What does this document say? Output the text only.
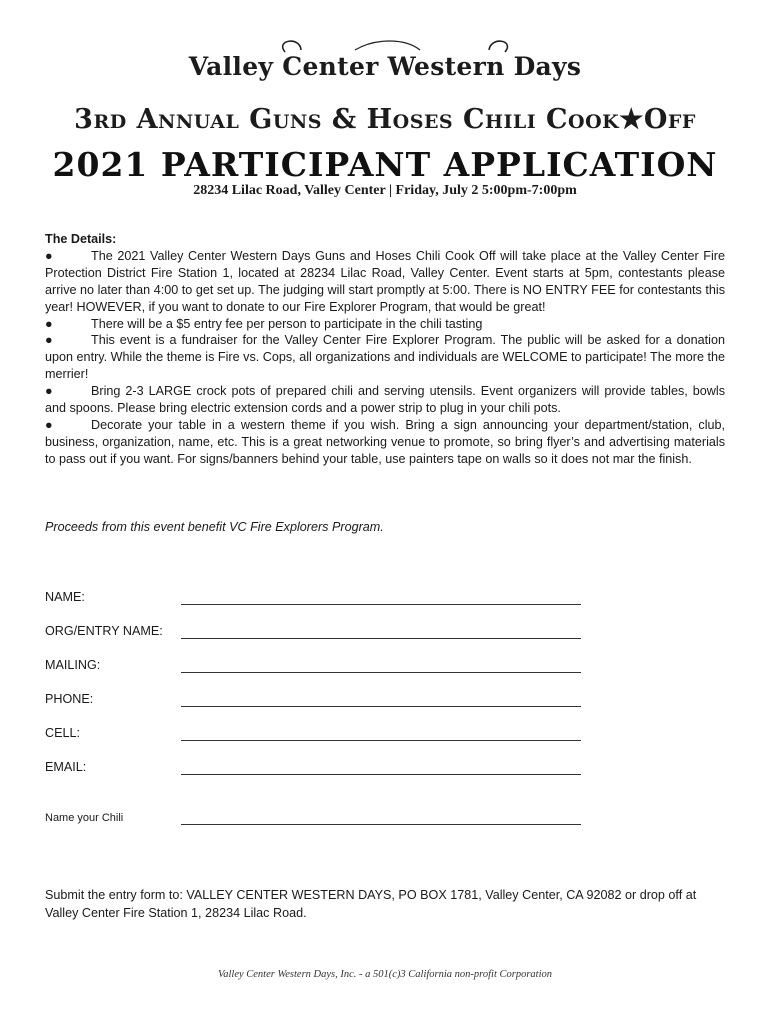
Valley Center Western Days
3rd Annual Guns & Hoses Chili Cook★Off
2021 PARTICIPANT APPLICATION
28234 Lilac Road, Valley Center | Friday, July 2 5:00pm-7:00pm
The Details:
●	The 2021 Valley Center Western Days Guns and Hoses Chili Cook Off will take place at the Valley Center Fire Protection District Fire Station 1, located at 28234 Lilac Road, Valley Center. Event starts at 5pm, contestants please arrive no later than 4:00 to get set up. The judging will start promptly at 5:00. There is NO ENTRY FEE for contestants this year! HOWEVER, if you want to donate to our Fire Explorer Program, that would be great!
●	There will be a $5 entry fee per person to participate in the chili tasting
●	This event is a fundraiser for the Valley Center Fire Explorer Program. The public will be asked for a donation upon entry. While the theme is Fire vs. Cops, all organizations and individuals are WELCOME to participate! The more the merrier!
●	Bring 2-3 LARGE crock pots of prepared chili and serving utensils. Event organizers will provide tables, bowls and spoons. Please bring electric extension cords and a power strip to plug in your chili pots.
●	Decorate your table in a western theme if you wish. Bring a sign announcing your department/station, club, business, organization, name, etc. This is a great networking venue to promote, so bring flyer’s and advertising materials to pass out if you want. For signs/banners behind your table, use painters tape on walls so it does not mar the finish.
Proceeds from this event benefit VC Fire Explorers Program.
NAME:
ORG/ENTRY NAME:
MAILING:
PHONE:
CELL:
EMAIL:
Name your Chili
Submit the entry form to: VALLEY CENTER WESTERN DAYS, PO BOX 1781, Valley Center, CA 92082 or drop off at Valley Center Fire Station 1, 28234 Lilac Road.
Valley Center Western Days, Inc. - a 501(c)3 California non-profit Corporation
